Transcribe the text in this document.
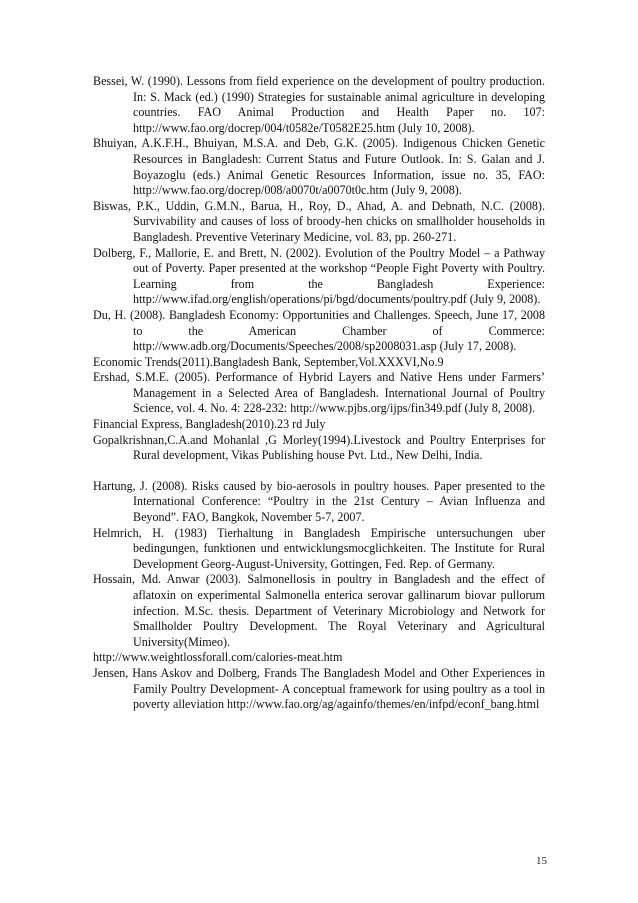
Bessei, W. (1990). Lessons from field experience on the development of poultry production. In: S. Mack (ed.) (1990) Strategies for sustainable animal agriculture in developing countries. FAO Animal Production and Health Paper no. 107: http://www.fao.org/docrep/004/t0582e/T0582E25.htm (July 10, 2008).

Bhuiyan, A.K.F.H., Bhuiyan, M.S.A. and Deb, G.K. (2005). Indigenous Chicken Genetic Resources in Bangladesh: Current Status and Future Outlook. In: S. Galan and J. Boyazoglu (eds.) Animal Genetic Resources Information, issue no. 35, FAO: http://www.fao.org/docrep/008/a0070t/a0070t0c.htm (July 9, 2008).

Biswas, P.K., Uddin, G.M.N., Barua, H., Roy, D., Ahad, A. and Debnath, N.C. (2008). Survivability and causes of loss of broody-hen chicks on smallholder households in Bangladesh. Preventive Veterinary Medicine, vol. 83, pp. 260-271.

Dolberg, F., Mallorie, E. and Brett, N. (2002). Evolution of the Poultry Model – a Pathway out of Poverty. Paper presented at the workshop “People Fight Poverty with Poultry. Learning from the Bangladesh Experience: http://www.ifad.org/english/operations/pi/bgd/documents/poultry.pdf (July 9, 2008).

Du, H. (2008). Bangladesh Economy: Opportunities and Challenges. Speech, June 17, 2008 to the American Chamber of Commerce: http://www.adb.org/Documents/Speeches/2008/sp2008031.asp (July 17, 2008).

Economic Trends(2011).Bangladesh Bank, September,Vol.XXXVI,No.9

Ershad, S.M.E. (2005). Performance of Hybrid Layers and Native Hens under Farmers’ Management in a Selected Area of Bangladesh. International Journal of Poultry Science, vol. 4. No. 4: 228-232: http://www.pjbs.org/ijps/fin349.pdf (July 8, 2008).

Financial Express, Bangladesh(2010).23 rd July

Gopalkrishnan,C.A.and Mohanlal ,G Morley(1994).Livestock and Poultry Enterprises for Rural development, Vikas Publishing house Pvt. Ltd., New Delhi, India.

Hartung, J. (2008). Risks caused by bio-aerosols in poultry houses. Paper presented to the International Conference: “Poultry in the 21st Century – Avian Influenza and Beyond”. FAO, Bangkok, November 5-7, 2007.

Helmrich, H. (1983) Tierhaltung in Bangladesh Empirische untersuchungen uber bedingungen, funktionen und entwicklungsmocglichkeiten. The Institute for Rural Development Georg-August-University, Gottingen, Fed. Rep. of Germany.

Hossain, Md. Anwar (2003). Salmonellosis in poultry in Bangladesh and the effect of aflatoxin on experimental Salmonella enterica serovar gallinarum biovar pullorum infection. M.Sc. thesis. Department of Veterinary Microbiology and Network for Smallholder Poultry Development. The Royal Veterinary and Agricultural University(Mimeo).

http://www.weightlossforall.com/calories-meat.htm

Jensen, Hans Askov and Dolberg, Frands The Bangladesh Model and Other Experiences in Family Poultry Development- A conceptual framework for using poultry as a tool in poverty alleviation http://www.fao.org/ag/againfo/themes/en/infpd/econf_bang.html

15
